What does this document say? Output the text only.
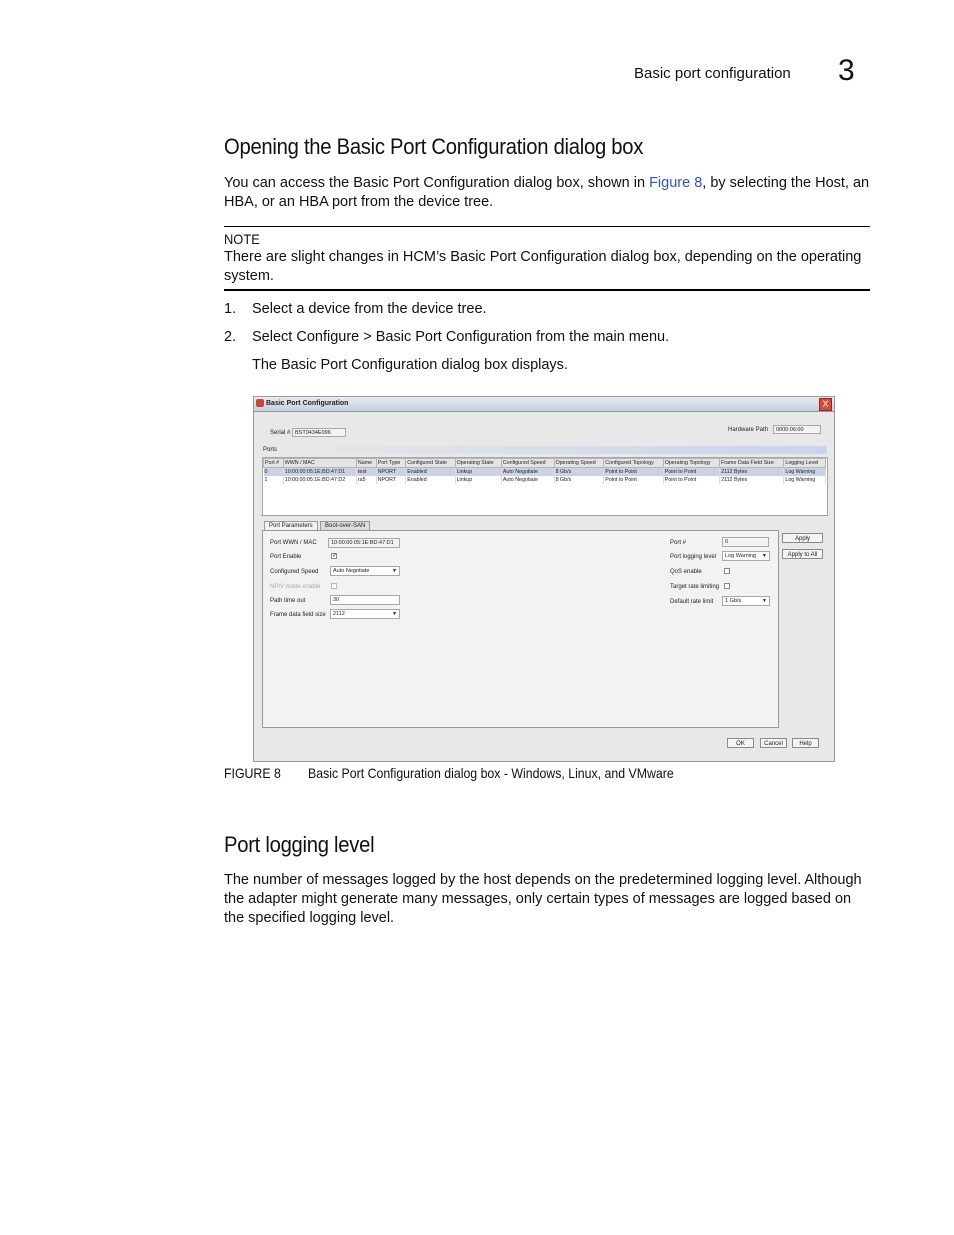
Basic port configuration 3
Opening the Basic Port Configuration dialog box
You can access the Basic Port Configuration dialog box, shown in Figure 8, by selecting the Host, an HBA, or an HBA port from the device tree.
NOTE
There are slight changes in HCM’s Basic Port Configuration dialog box, depending on the operating system.
1. Select a device from the device tree.
2. Select Configure > Basic Port Configuration from the main menu.
The Basic Port Configuration dialog box displays.
Basic Port Configuration	X
Serial # BST0434E096	Hardware Path	0000:06:00
Ports
Port #	WWN / MAC	Name	Port Type	Configured State	Operating State	Configured Speed	Operating Speed	Configured Topology	Operating Topology	Frame Data Field Size	Logging Level
0	10:00:00:05:1E:BD:47:D1	test	NPORT	Enabled	Linkup	Auto Negotiate	8 Gb/s	Point to Point	Point to Point	2112 Bytes	Log Warning
1	10:00:00:05:1E:BD:47:D2	ra5	NPORT	Enabled	Linkup	Auto Negotiate	8 Gb/s	Point to Point	Point to Point	2112 Bytes	Log Warning
Port Parameters	Boot-over-SAN
Port WWN / MAC	10:00:00:05:1E:BD:47:D1
Port Enable	✓
Configured Speed	Auto Negotiate ▼
NPIV mode enable
Path time out	30
Frame data field size	2112 ▼
Port #	0
Port logging level	Log Warning ▼
QoS enable
Target rate limiting
Default rate limit	1 Gb/s ▼
Apply
Apply to All
OK	Cancel	Help
FIGURE 8 Basic Port Configuration dialog box - Windows, Linux, and VMware
Port logging level
The number of messages logged by the host depends on the predetermined logging level. Although the adapter might generate many messages, only certain types of messages are logged based on the specified logging level.
